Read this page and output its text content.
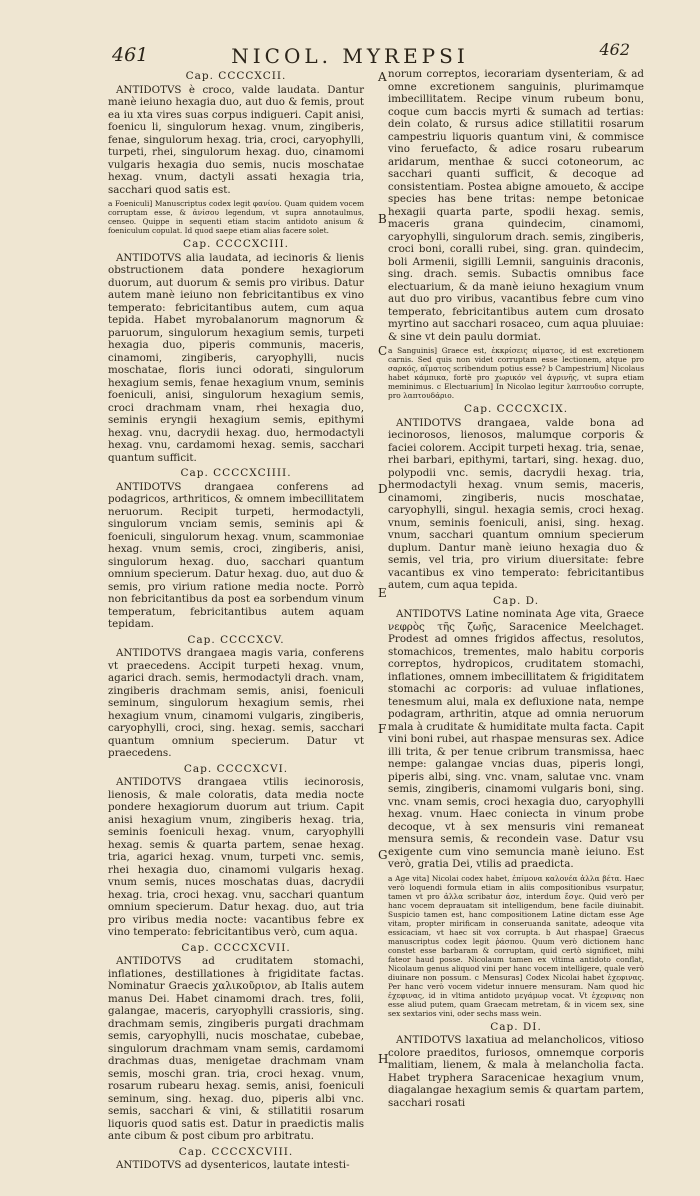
461	NICOL. MYREPSI	462
A
B
C
D
E
F
G
H
Cap. CCCCXCII.

ANTIDOTVS è croco, valde laudata. Dantur manè ieiuno hexagia duo, aut duo & femis, prout ea iu xta vires suas corpus indigueri. Capit anisi, foenicu li, singulorum hexag. vnum, zingiberis, fenae, singulorum hexag. tria, croci, caryophylli, turpeti, rhei, singulorum hexag. duo, cinamomi vulgaris hexagia duo semis, nucis moschatae hexag. vnum, dactyli assati hexagia tria, sacchari quod satis est.

a Foeniculi] Manuscriptus codex legit φανίου. Quam quidem vocem corruptam esse, & ἀνίσου legendum, vt supra annotaulmus, censeo. Quippe in sequenti etiam stacim antidoto anisum & foeniculum copulat. Id quod saepe etiam alias facere solet.

Cap. CCCCXCIII.

ANTIDOTVS alia laudata, ad iecinoris & lienis obstructionem data pondere hexagiorum duorum, aut duorum & semis pro viribus. Datur autem manè ieiuno non febricitantibus ex vino temperato: febricitantibus autem, cum aqua tepida. Habet myrobalanorum magnorum & paruorum, singulorum hexagium semis, turpeti hexagia duo, piperis communis, maceris, cinamomi, zingiberis, caryophylli, nucis moschatae, floris iunci odorati, singulorum hexagium semis, fenae hexagium vnum, seminis foeniculi, anisi, singulorum hexagium semis, croci drachmam vnam, rhei hexagia duo, seminis eryngii hexagium semis, epithymi hexag. vnu, dacrydii hexag. duo, hermodactyli hexag. vnu, cardamomi hexag. semis, sacchari quantum sufficit.

Cap. CCCCXCIIII.

ANTIDOTVS drangaea conferens ad podagricos, arthriticos, & omnem imbecillitatem neruorum. Recipit turpeti, hermodactyli, singulorum vnciam semis, seminis api & foeniculi, singulorum hexag. vnum, scammoniae hexag. vnum semis, croci, zingiberis, anisi, singulorum hexag. duo, sacchari quantum omnium specierum. Datur hexag. duo, aut duo & semis, pro virium ratione media nocte. Porrò non febricitantibus da post ea sorbendum vinum temperatum, febricitantibus autem aquam tepidam.

Cap. CCCCXCV.

ANTIDOTVS drangaea magis varia, conferens vt praecedens. Accipit turpeti hexag. vnum, agarici drach. semis, hermodactyli drach. vnam, zingiberis drachmam semis, anisi, foeniculi seminum, singulorum hexagium semis, rhei hexagium vnum, cinamomi vulgaris, zingiberis, caryophylli, croci, sing. hexag. semis, sacchari quantum omnium specierum. Datur vt praecedens.

Cap. CCCCXCVI.

ANTIDOTVS drangaea vtilis iecinorosis, lienosis, & male coloratis, data media nocte pondere hexagiorum duorum aut trium. Capit anisi hexagium vnum, zingiberis hexag. tria, seminis foeniculi hexag. vnum, caryophylli hexag. semis & quarta partem, senae hexag. tria, agarici hexag. vnum, turpeti vnc. semis, rhei hexagia duo, cinamomi vulgaris hexag. vnum semis, nuces moschatas duas, dacrydii hexag. tria, croci hexag. vnu, sacchari quantum omnium specierum. Datur hexag. duo, aut tria pro viribus media nocte: vacantibus febre ex vino temperato: febricitantibus verò, cum aqua.

Cap. CCCCXCVII.

ANTIDOTVS ad cruditatem stomachi, inflationes, destillationes à frigiditate factas. Nominatur Graecis χαλικοῦριον, ab Italis autem manus Dei. Habet cinamomi drach. tres, folii, galangae, maceris, caryophylli crassioris, sing. drachmam semis, zingiberis purgati drachmam semis, caryophylli, nucis moschatae, cubebae, singulorum drachmam vnam semis, cardamomi drachmas duas, menigetae drachmam vnam semis, moschi gran. tria, croci hexag. vnum, rosarum rubearu hexag. semis, anisi, foeniculi seminum, sing. hexag. duo, piperis albi vnc. semis, sacchari & vini, & stillatitii rosarum liquoris quod satis est. Datur in praedictis malis ante cibum & post cibum pro arbitratu.

Cap. CCCCXCVIII.

ANTIDOTVS ad dysentericos, lautate intesti-

norum correptos, iecorariam dysenteriam, & ad omne excretionem sanguinis, plurimamque imbecillitatem. Recipe vinum rubeum bonu, coque cum baccis myrti & sumach ad tertias: dein colato, & rursus adice stillatitii rosarum campestriu liquoris quantum vini, & commisce vino feruefacto, & adice rosaru rubearum aridarum, menthae & succi cotoneorum, ac sacchari quanti sufficit, & decoque ad consistentiam. Postea abigne amoueto, & accipe species has bene tritas: nempe betonicae hexagii quarta parte, spodii hexag. semis, maceris grana quindecim, cinamomi, caryophylli, singulorum drach. semis, zingiberis, croci boni, coralli rubei, sing. gran. quindecim, boli Armenii, sigilli Lemnii, sanguinis draconis, sing. drach. semis. Subactis omnibus face electuarium, & da manè ieiuno hexagium vnum aut duo pro viribus, vacantibus febre cum vino temperato, febricitantibus autem cum drosato myrtino aut sacchari rosaceo, cum aqua pluuiae: & sine vt dein paulu dormiat.

a Sanguinis] Graece est, ἐκκρίσεις αἱματος, id est excretionem carnis. Sed quis non videt corruptam esse lectionem, atque pro σαρκός, αἵματος scribendum potius esse? b Campestrium] Nicolaus habet κάμπικα, fortè pro χωρικόν vel ἀγρινῆς, vt supra etiam meminimus. c Electuarium] In Nicolao legitur λαπτουδιο corrupte, pro λαπτουδάριο.

Cap. CCCCXCIX.

ANTIDOTVS drangaea, valde bona ad iecinorosos, lienosos, malumque corporis & faciei colorem. Accipit turpeti hexag. tria, senae, rhei barbari, epithymi, tartari, sing. hexag. duo, polypodii vnc. semis, dacrydii hexag. tria, hermodactyli hexag. vnum semis, maceris, cinamomi, zingiberis, nucis moschatae, caryophylli, singul. hexagia semis, croci hexag. vnum, seminis foeniculi, anisi, sing. hexag. vnum, sacchari quantum omnium specierum duplum. Dantur manè ieiuno hexagia duo & semis, vel tria, pro virium diuersitate: febre vacantibus ex vino temperato: febricitantibus autem, cum aqua tepida.

Cap. D.

ANTIDOTVS Latine nominata Age vita, Graece νεφρὸς τῆς ζωῆς, Saracenice Meelchaget. Prodest ad omnes frigidos affectus, resolutos, stomachicos, trementes, malo habitu corporis correptos, hydropicos, cruditatem stomachi, inflationes, omnem imbecillitatem & frigiditatem stomachi ac corporis: ad vuluae inflationes, tenesmum alui, mala ex defluxione nata, nempe podagram, arthritin, atque ad omnia neruorum mala à cruditate & humiditate multa facta. Capit vini boni rubei, aut rhaspae mensuras sex. Adice illi trita, & per tenue cribrum transmissa, haec nempe: galangae vncias duas, piperis longi, piperis albi, sing. vnc. vnam, salutae vnc. vnam semis, zingiberis, cinamomi vulgaris boni, sing. vnc. vnam semis, croci hexagia duo, caryophylli hexag. vnum. Haec coniecta in vinum probe decoque, vt à sex mensuris vini remaneat mensura semis, & recondein vase. Datur vsu exigente cum vino semuncia manè ieiuno. Est verò, gratia Dei, vtilis ad praedicta.

a Age vita] Nicolai codex habet, ἐπίμονα καλονέα ἀλλα βέτα. Haec verò loquendi formula etiam in aliis compositionibus vsurpatur, tamen vt pro ἀλλα scribatur ἀσε, interdum ἔσγε. Quid verò per hanc vocem deprauatam sit intelligendum, bene facile diuinabit. Suspicio tamen est, hanc compositionem Latine dictam esse Age vitam, propter mirificam in conseruanda sanitate, adeoque vita essicaciam, vt haec sit vox corrupta. b Aut rhaspae] Graecus manuscriptus codex legit ῥάσπου. Quum verò dictionem hanc constet esse barbaram & corruptam, quid certò significet, mihi fateor haud posse. Nicolaum tamen ex vltima antidoto conflat, Nicolaum genus aliquod vini per hanc vocem intelligere, quale verò diuinare non possum. c Mensuras] Codex Nicolai habet ἐχεφινας. Per hanc verò vocem videtur innuere mensuram. Nam quod hic ἐχεφινας, id in vltima antidoto μεγάμωρ vocat. Vt ἐχεφινας non esse aliud putem, quam Graecam metretam, & in vicem sex, sine sex sextarios vini, oder sechs mass wein.

Cap. DI.

ANTIDOTVS laxatiua ad melancholicos, vitioso colore praeditos, furiosos, omnemque corporis malitiam, lienem, & mala à melancholia facta. Habet tryphera Saracenicae hexagium vnum, diagalangae hexagium semis & quartam partem, sacchari rosati
